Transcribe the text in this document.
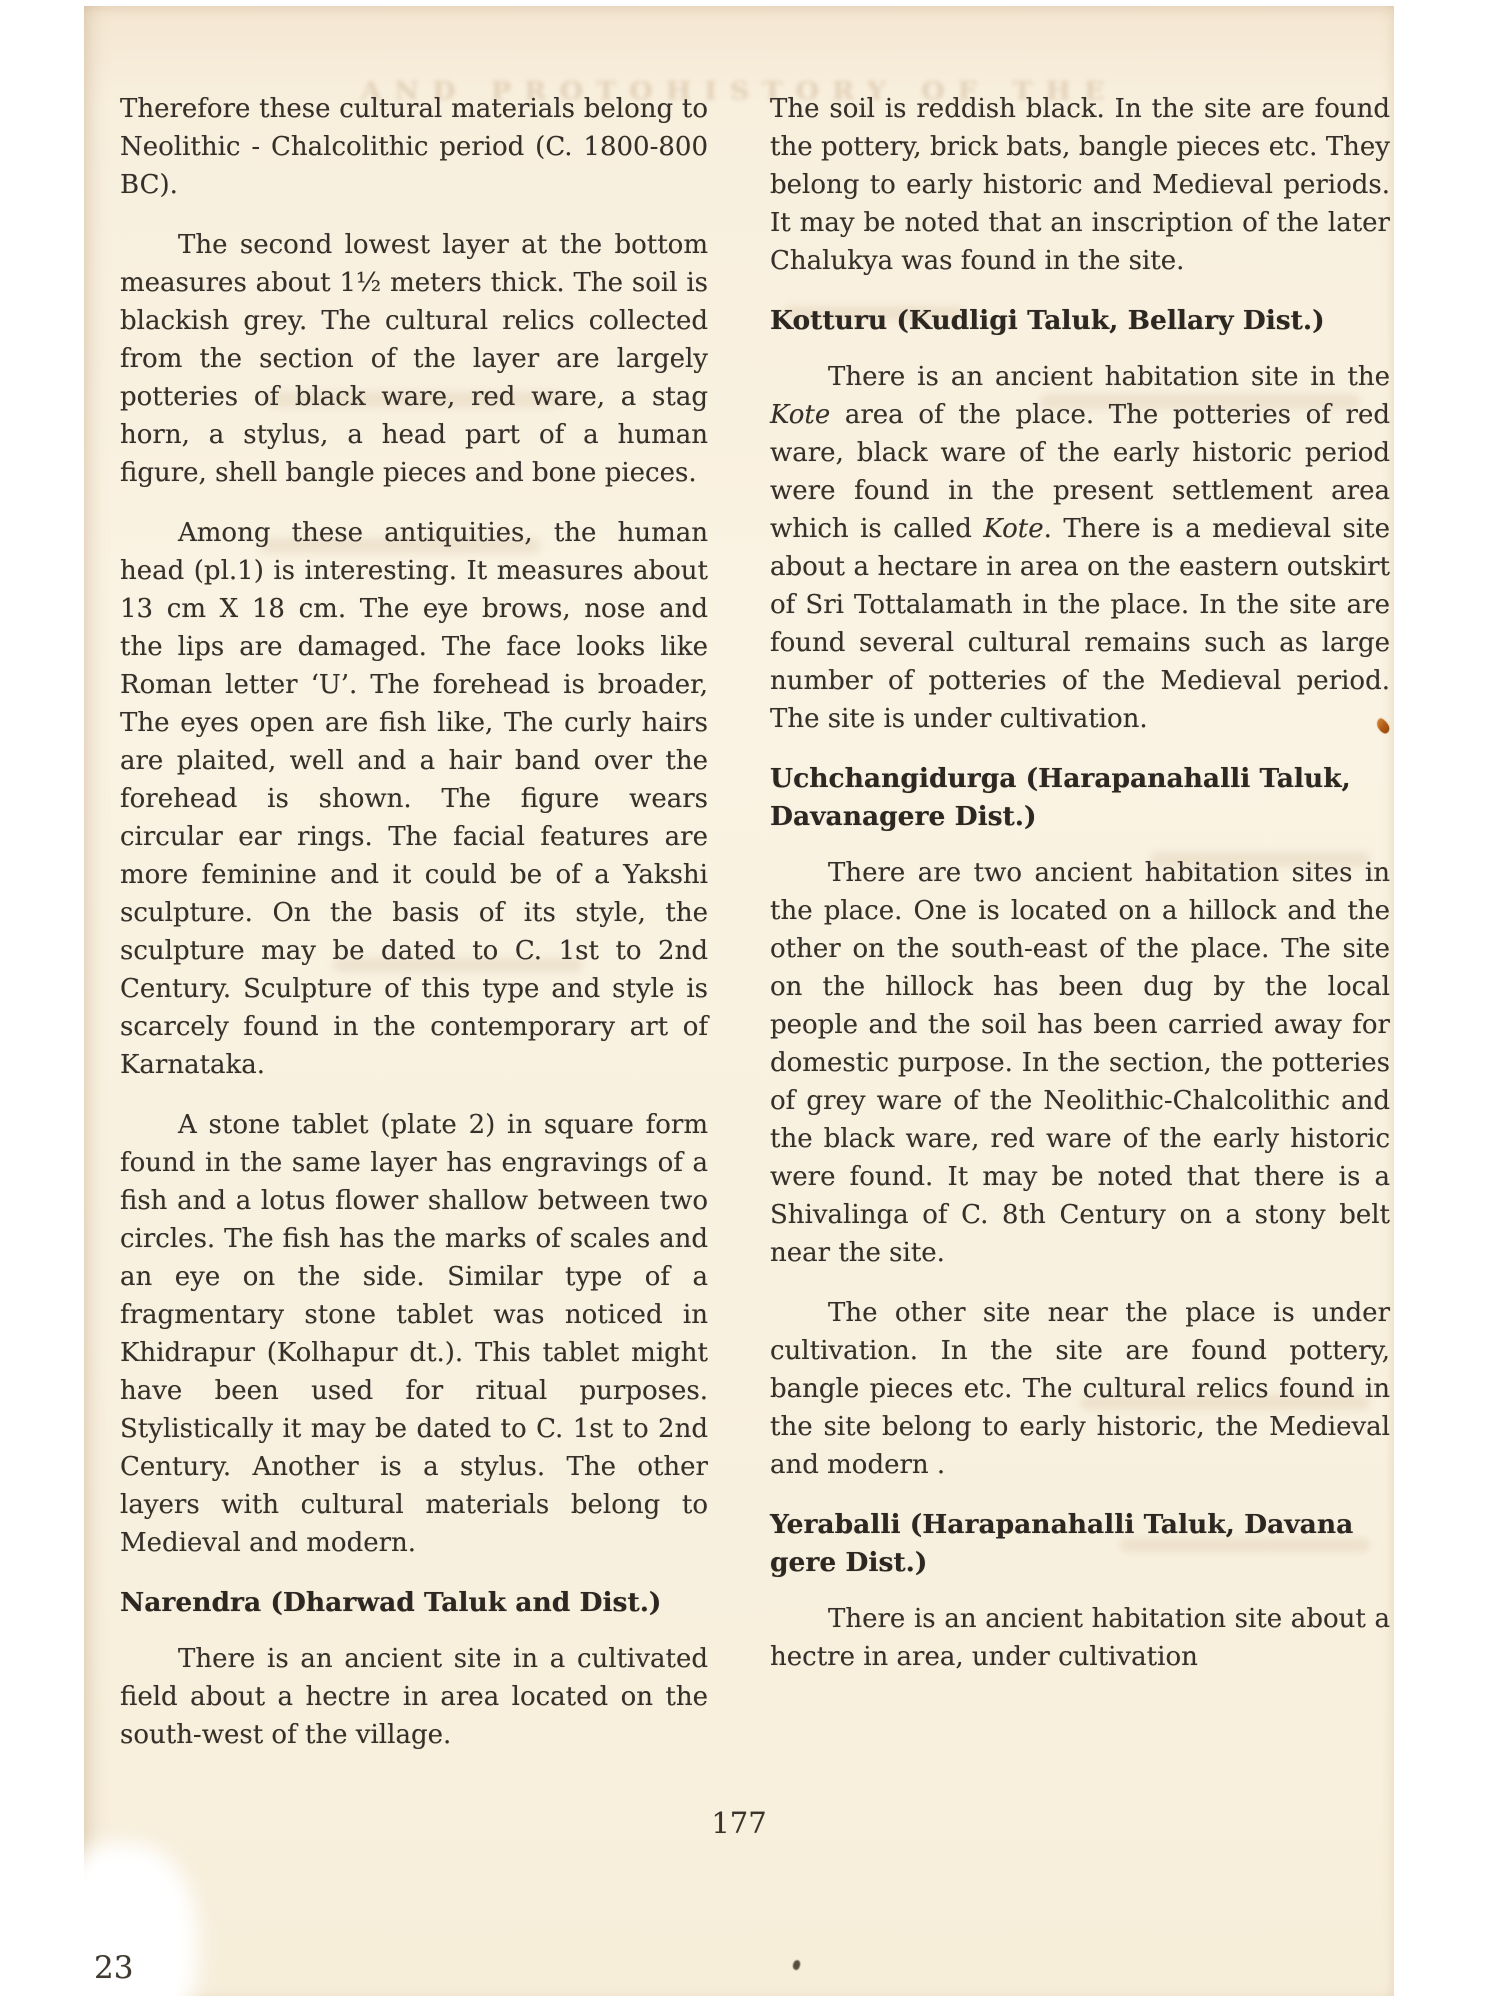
AND PROTOHISTORY OF THE

Therefore these cultural materials belong to Neolithic - Chalcolithic period (C. 1800-800 BC).

The second lowest layer at the bottom measures about 1½ meters thick. The soil is blackish grey. The cultural relics collected from the section of the layer are largely potteries of black ware, red ware, a stag horn, a stylus, a head part of a human figure, shell bangle pieces and bone pieces.

Among these antiquities, the human head (pl.1) is interesting. It measures about 13 cm X 18 cm. The eye brows, nose and the lips are damaged. The face looks like Roman letter ‘U’. The forehead is broader, The eyes open are fish like, The curly hairs are plaited, well and a hair band over the forehead is shown. The figure wears circular ear rings. The facial features are more feminine and it could be of a Yakshi sculpture. On the basis of its style, the sculpture may be dated to C. 1st to 2nd Century. Sculpture of this type and style is scarcely found in the contemporary art of Karnataka.

A stone tablet (plate 2) in square form found in the same layer has engravings of a fish and a lotus flower shallow between two circles. The fish has the marks of scales and an eye on the side. Similar type of a fragmentary stone tablet was noticed in Khidrapur (Kolhapur dt.). This tablet might have been used for ritual purposes. Stylistically it may be dated to C. 1st to 2nd Century. Another is a stylus. The other layers with cultural materials belong to Medieval and modern.

Narendra (Dharwad Taluk and Dist.)

There is an ancient site in a cultivated field about a hectre in area located on the south-west of the village.

The soil is reddish black. In the site are found the pottery, brick bats, bangle pieces etc. They belong to early historic and Medieval periods. It may be noted that an inscription of the later Chalukya was found in the site.

Kotturu (Kudligi Taluk, Bellary Dist.)

There is an ancient habitation site in the Kote area of the place. The potteries of red ware, black ware of the early historic period were found in the present settlement area which is called Kote. There is a medieval site about a hectare in area on the eastern outskirt of Sri Tottalamath in the place. In the site are found several cultural remains such as large number of potteries of the Medieval period. The site is under cultivation.

Uchchangidurga (Harapanahalli Taluk, Davanagere Dist.)

There are two ancient habitation sites in the place. One is located on a hillock and the other on the south-east of the place. The site on the hillock has been dug by the local people and the soil has been carried away for domestic purpose. In the section, the potteries of grey ware of the Neolithic-Chalcolithic and the black ware, red ware of the early historic were found. It may be noted that there is a Shivalinga of C. 8th Century on a stony belt near the site.

The other site near the place is under cultivation. In the site are found pottery, bangle pieces etc. The cultural relics found in the site belong to early historic, the Medieval and modern .

Yeraballi (Harapanahalli Taluk, Davana gere Dist.)

There is an ancient habitation site about a hectre in area, under cultivation

177
23
